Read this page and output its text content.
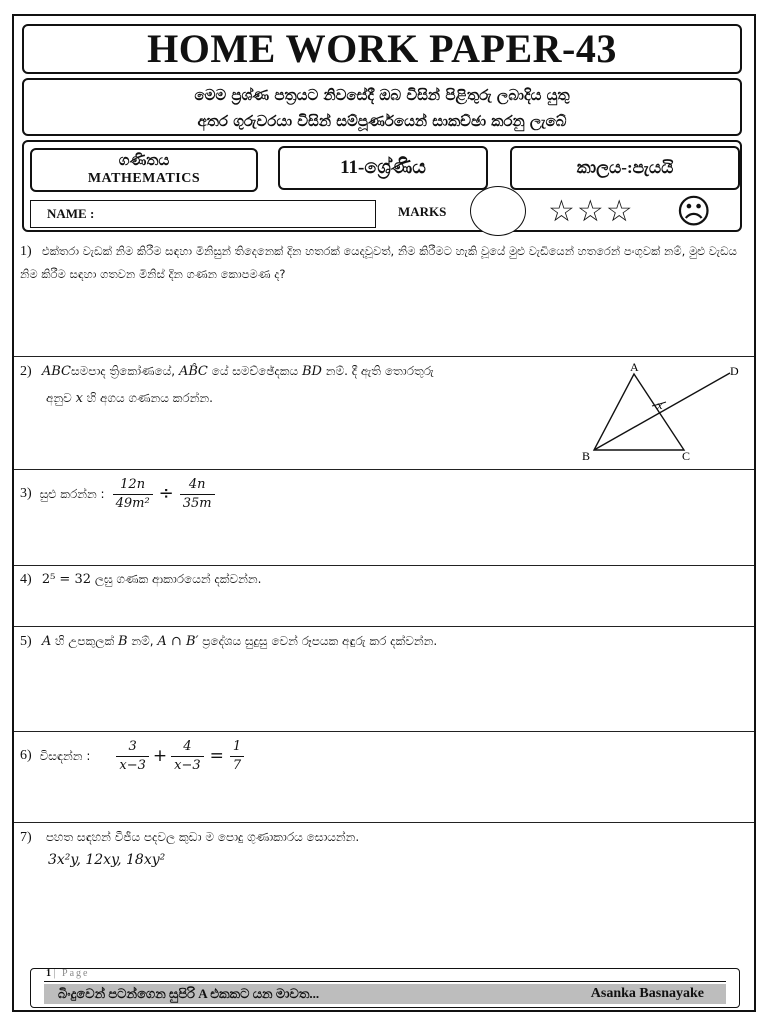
HOME WORK PAPER-43
මෙම ප්‍රශ්ණ පත්‍රයට නිවසේදී ඔබ විසින් පිළිතුරු ලබාදිය යුතු
අතර ගුරුවරයා විසින් සම්පූර්ණයෙන් සාකච්ඡා කරනු ලැබේ
ගණිතය
MATHEMATICS
11-ශ්‍රේණිය	කාලය-:පැයයි
NAME :	MARKS	☆☆☆ ☹
1) එක්තරා වැඩක් නිම කිරීම සඳහා මිනිසුන් තිදෙනෙක් දින හතරක් යෙදවූවත්, නිම කිරීමට හැකි වූයේ මුළු වැඩියෙන් හතරෙන් පංගුවක් නම්, මුළු වැඩය නිම කිරීම සඳහා ගතවන මිනිස් දින ගණන කොපමණ ද?
2) ABCසමපාද ත්‍රිකෝණයේ, AB̂C යේ සමච්ඡේදකය BD නම්. දී ඇති තොරතුරු
අනුව x හි අගය ගණනය කරන්න.
A
B	C
D
x
3) සුළු කරන්න : $\frac{12n}{\text{49m²}} \div \frac{4n}{35m}$
4) 2⁵ = 32 ලඝු ගණක ආකාරයෙන් දක්වන්න.
5) A හි උපකුලක් B නම්, A ∩ B′ ප්‍රදේශය සුදුසු වෙන් රූපයක අඳුරු කර දක්වන්න.
6) විසඳන්න : $\frac{3}{x-3} + \frac{4}{x-3} = \frac{1}{7}$
7) පහත සඳහන් වීජීය පදවල කුඩා ම පොදු ගුණාකාරය සොයන්න.
3x²y, 12xy, 18xy²
1 | Page
බිංදුවෙන් පටන්ගෙන සුපිරි A එකකට යන මාවත...	Asanka Basnayake
